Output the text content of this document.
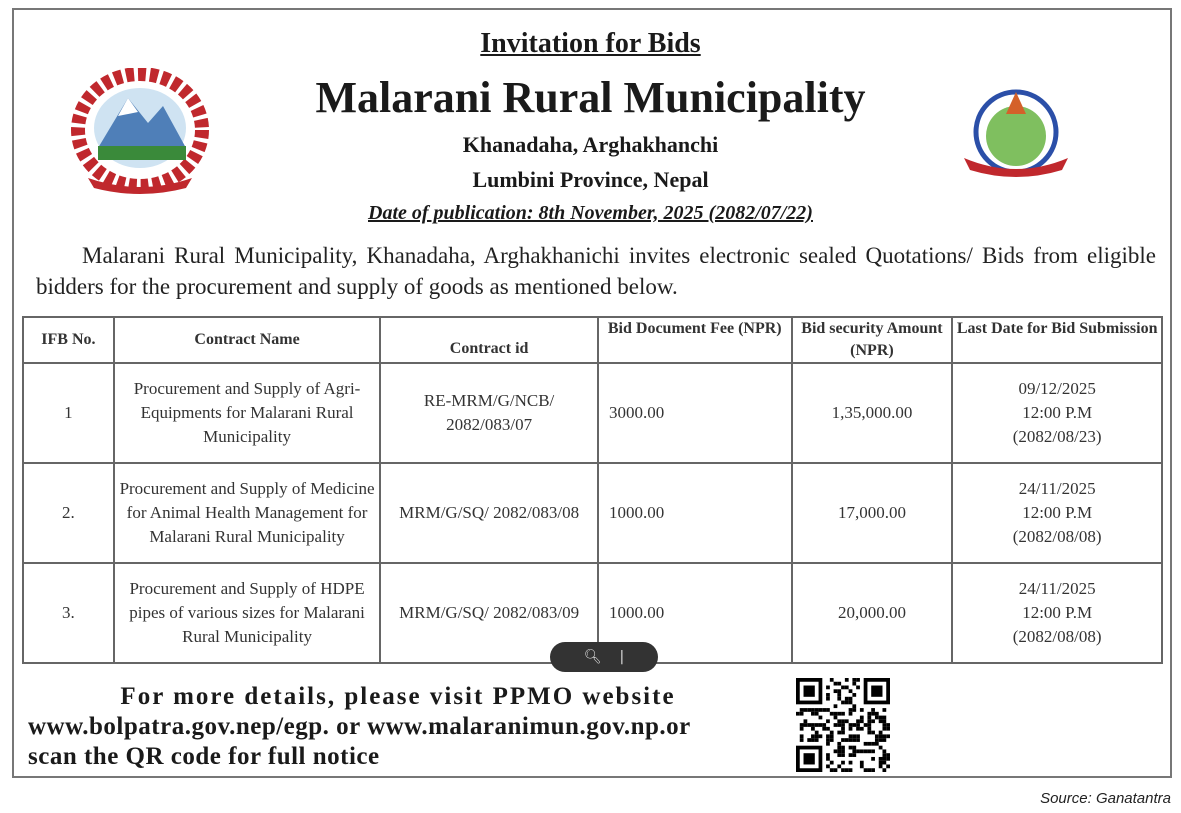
Invitation for Bids
Malarani Rural Municipality
Khanadaha, Arghakhanchi
Lumbini Province, Nepal
Date of publication: 8th November, 2025 (2082/07/22)
Malarani Rural Municipality, Khanadaha, Arghakhanichi invites electronic sealed Quotations/ Bids from eligible bidders for the procurement and supply of goods as mentioned below.
IFB No.	Contract Name	Contract id	Bid Document Fee (NPR)	Bid security Amount (NPR)	Last Date for Bid Submission
1	Procurement and Supply of Agri-Equipments for Malarani Rural Municipality	RE-MRM/G/NCB/ 2082/083/07	3000.00	1,35,000.00	09/12/2025
12:00 P.M
(2082/08/23)

2.	Procurement and Supply of Medicine for Animal Health Management for Malarani Rural Municipality	MRM/G/SQ/ 2082/083/08	1000.00	17,000.00	24/11/2025
12:00 P.M
(2082/08/08)

3.	Procurement and Supply of HDPE pipes of various sizes for Malarani Rural Municipality	MRM/G/SQ/ 2082/083/09	1000.00	20,000.00	24/11/2025
12:00 P.M
(2082/08/08)
🔍︎ |
For more details, please visit PPMO website
www.bolpatra.gov.nep/egp. or www.malaranimun.gov.np.or
scan the QR code for full notice
Source: Ganatantra
